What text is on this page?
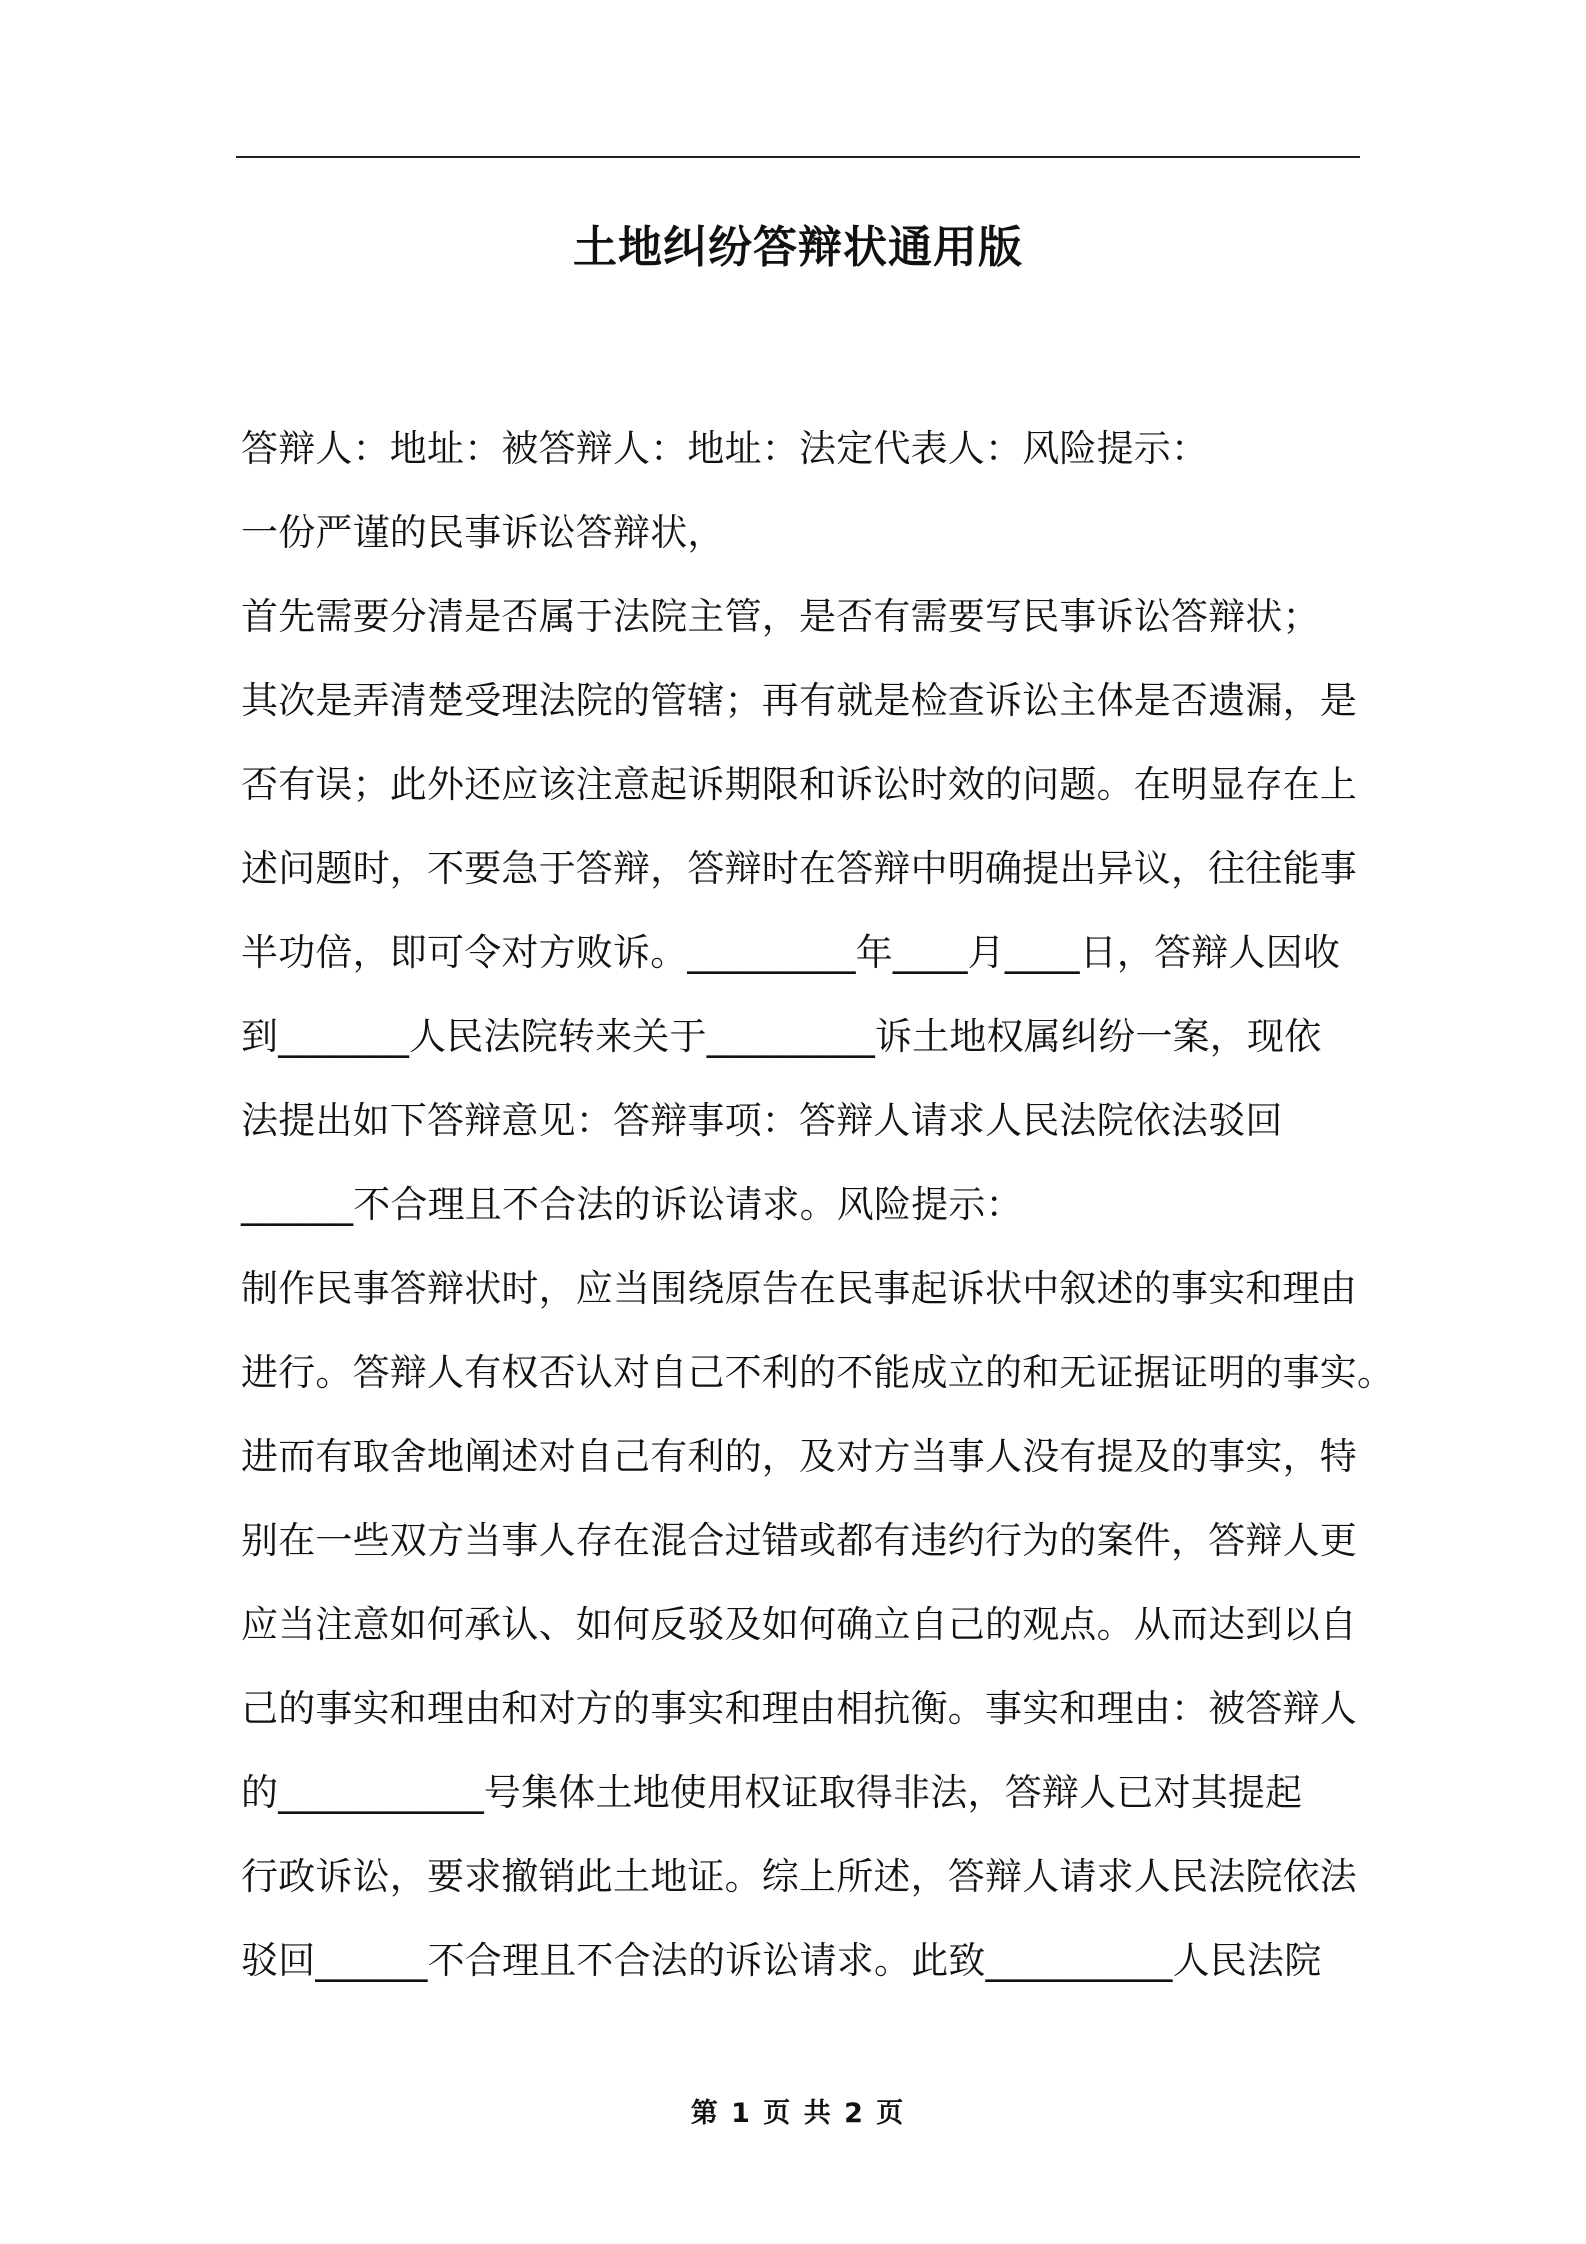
土地纠纷答辩状通用版
答辩人：地址：被答辩人：地址：法定代表人：风险提示：
一份严谨的民事诉讼答辩状，
首先需要分清是否属于法院主管，是否有需要写民事诉讼答辩状；
其次是弄清楚受理法院的管辖；再有就是检查诉讼主体是否遗漏，是
否有误；此外还应该注意起诉期限和诉讼时效的问题。在明显存在上
述问题时，不要急于答辩，答辩时在答辩中明确提出异议，往往能事
半功倍，即可令对方败诉。_________年____月____日，答辩人因收
到_______人民法院转来关于_________诉土地权属纠纷一案，现依
法提出如下答辩意见：答辩事项：答辩人请求人民法院依法驳回
______不合理且不合法的诉讼请求。风险提示：
制作民事答辩状时，应当围绕原告在民事起诉状中叙述的事实和理由
进行。答辩人有权否认对自己不利的不能成立的和无证据证明的事实。
进而有取舍地阐述对自己有利的，及对方当事人没有提及的事实，特
别在一些双方当事人存在混合过错或都有违约行为的案件，答辩人更
应当注意如何承认、如何反驳及如何确立自己的观点。从而达到以自
己的事实和理由和对方的事实和理由相抗衡。事实和理由：被答辩人
的___________号集体土地使用权证取得非法，答辩人已对其提起
行政诉讼，要求撤销此土地证。综上所述，答辩人请求人民法院依法
驳回______不合理且不合法的诉讼请求。此致__________人民法院
第 1 页 共 2 页
